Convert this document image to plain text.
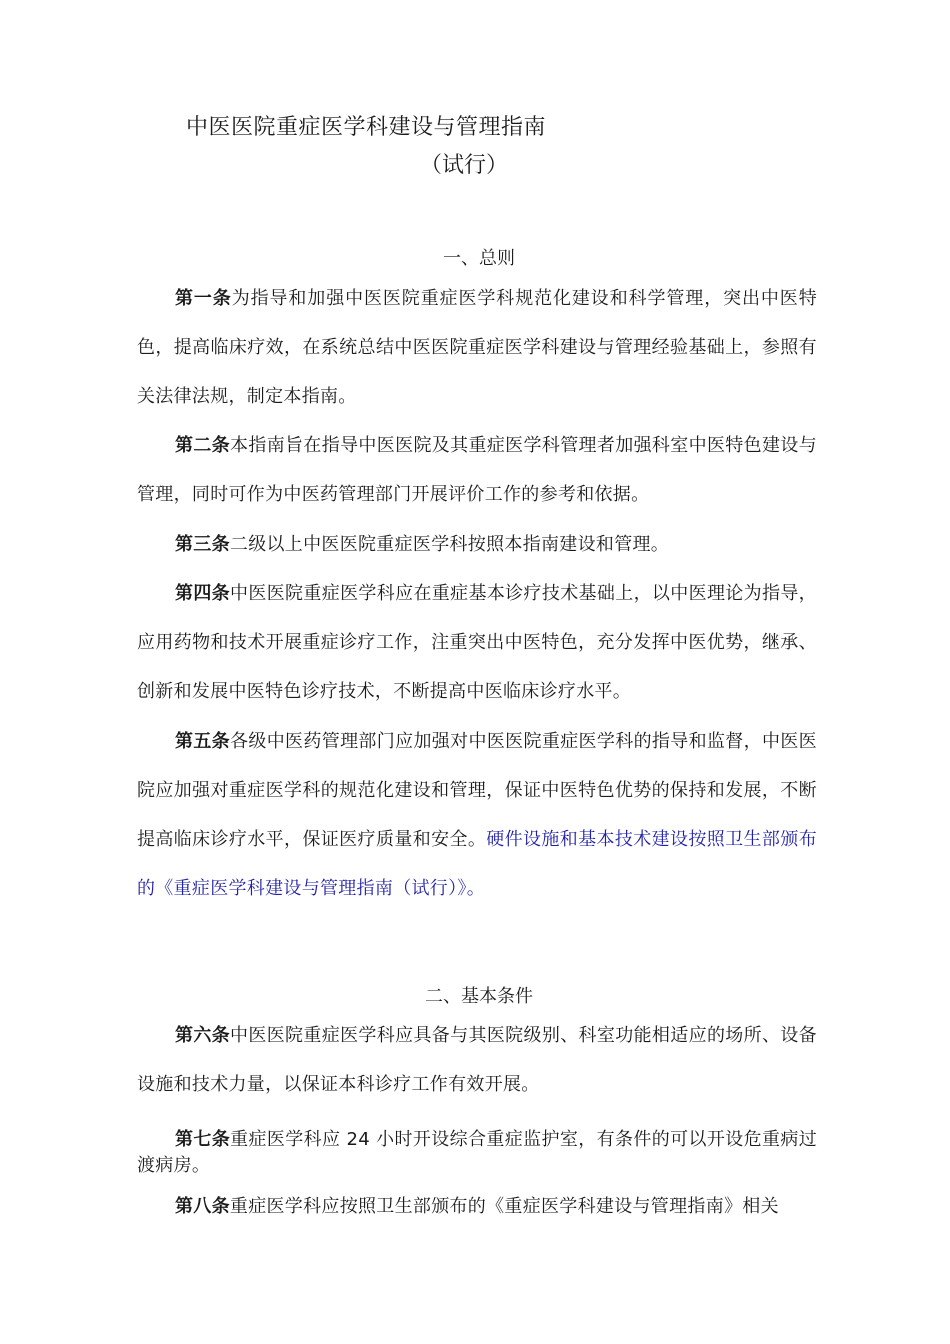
中医医院重症医学科建设与管理指南
（试行）
一、总则

第一条为指导和加强中医医院重症医学科规范化建设和科学管理，突出中医特色，提高临床疗效，在系统总结中医医院重症医学科建设与管理经验基础上，参照有关法律法规，制定本指南。

第二条本指南旨在指导中医医院及其重症医学科管理者加强科室中医特色建设与管理，同时可作为中医药管理部门开展评价工作的参考和依据。

第三条二级以上中医医院重症医学科按照本指南建设和管理。

第四条中医医院重症医学科应在重症基本诊疗技术基础上，以中医理论为指导，应用药物和技术开展重症诊疗工作，注重突出中医特色，充分发挥中医优势，继承、创新和发展中医特色诊疗技术，不断提高中医临床诊疗水平。

第五条各级中医药管理部门应加强对中医医院重症医学科的指导和监督，中医医院应加强对重症医学科的规范化建设和管理，保证中医特色优势的保持和发展，不断提高临床诊疗水平，保证医疗质量和安全。硬件设施和基本技术建设按照卫生部颁布的《重症医学科建设与管理指南（试行）》。

二、基本条件

第六条中医医院重症医学科应具备与其医院级别、科室功能相适应的场所、设备设施和技术力量，以保证本科诊疗工作有效开展。

第七条重症医学科应 24 小时开设综合重症监护室，有条件的可以开设危重病过渡病房。

第八条重症医学科应按照卫生部颁布的《重症医学科建设与管理指南》相关
